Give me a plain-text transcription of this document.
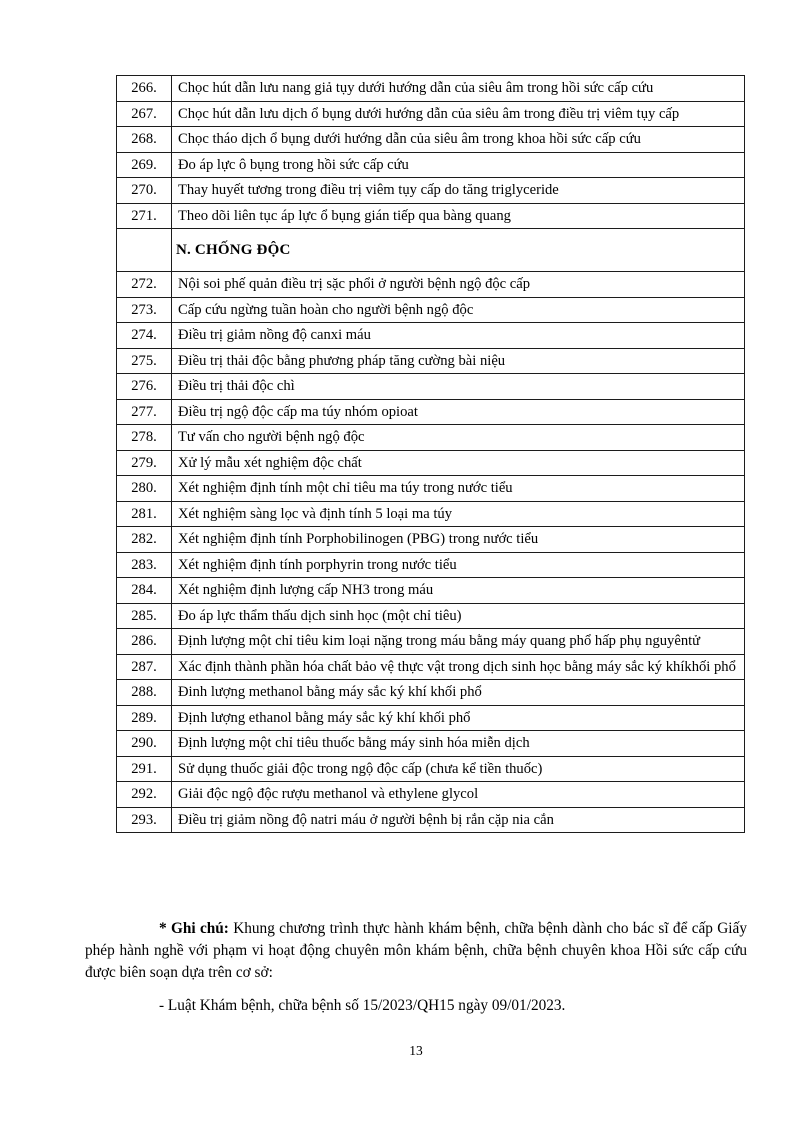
266.	Chọc hút dẫn lưu nang giả tụy dưới hướng dẫn của siêu âm trong hồi sức cấp cứu
267.	Chọc hút dẫn lưu dịch ổ bụng dưới hướng dẫn của siêu âm trong điều trị viêm tụy cấp
268.	Chọc tháo dịch ổ bụng dưới hướng dẫn của siêu âm trong khoa hồi sức cấp cứu
269.	Đo áp lực ô bụng trong hồi sức cấp cứu
270.	Thay huyết tương trong điều trị viêm tụy cấp do tăng triglyceride
271.	Theo dõi liên tục áp lực ổ bụng gián tiếp qua bàng quang
	N. CHỐNG ĐỘC
272.	Nội soi phế quản điều trị sặc phổi ở người bệnh ngộ độc cấp
273.	Cấp cứu ngừng tuần hoàn cho người bệnh ngộ độc
274.	Điều trị giảm nồng độ canxi máu
275.	Điều trị thải độc bằng phương pháp tăng cường bài niệu
276.	Điều trị thải độc chì
277.	Điều trị ngộ độc cấp ma túy nhóm opioat
278.	Tư vấn cho người bệnh ngộ độc
279.	Xử lý mẫu xét nghiệm độc chất
280.	Xét nghiệm định tính một chỉ tiêu ma túy trong nước tiểu
281.	Xét nghiệm sàng lọc và định tính 5 loại ma túy
282.	Xét nghiệm định tính Porphobilinogen (PBG) trong nước tiểu
283.	Xét nghiệm định tính porphyrin trong nước tiểu
284.	Xét nghiệm định lượng cấp NH3 trong máu
285.	Đo áp lực thẩm thấu dịch sinh học (một chỉ tiêu)
286.	Định lượng một chỉ tiêu kim loại nặng trong máu bằng máy quang phổ hấp phụ nguyêntử
287.	Xác định thành phần hóa chất bảo vệ thực vật trong dịch sinh học bằng máy sắc ký khíkhối phổ
288.	Đinh lượng methanol bằng máy sắc ký khí khối phổ
289.	Định lượng ethanol bằng máy sắc ký khí khối phổ
290.	Định lượng một chỉ tiêu thuốc bằng máy sinh hóa miễn dịch
291.	Sử dụng thuốc giải độc trong ngộ độc cấp (chưa kể tiền thuốc)
292.	Giải độc ngộ độc rượu methanol và ethylene glycol
293.	Điều trị giảm nồng độ natri máu ở người bệnh bị rắn cặp nia cắn

* Ghi chú: Khung chương trình thực hành khám bệnh, chữa bệnh dành cho bác sĩ để cấp Giấy phép hành nghề với phạm vi hoạt động chuyên môn khám bệnh, chữa bệnh chuyên khoa Hồi sức cấp cứu được biên soạn dựa trên cơ sở:

- Luật Khám bệnh, chữa bệnh số 15/2023/QH15 ngày 09/01/2023.

13
